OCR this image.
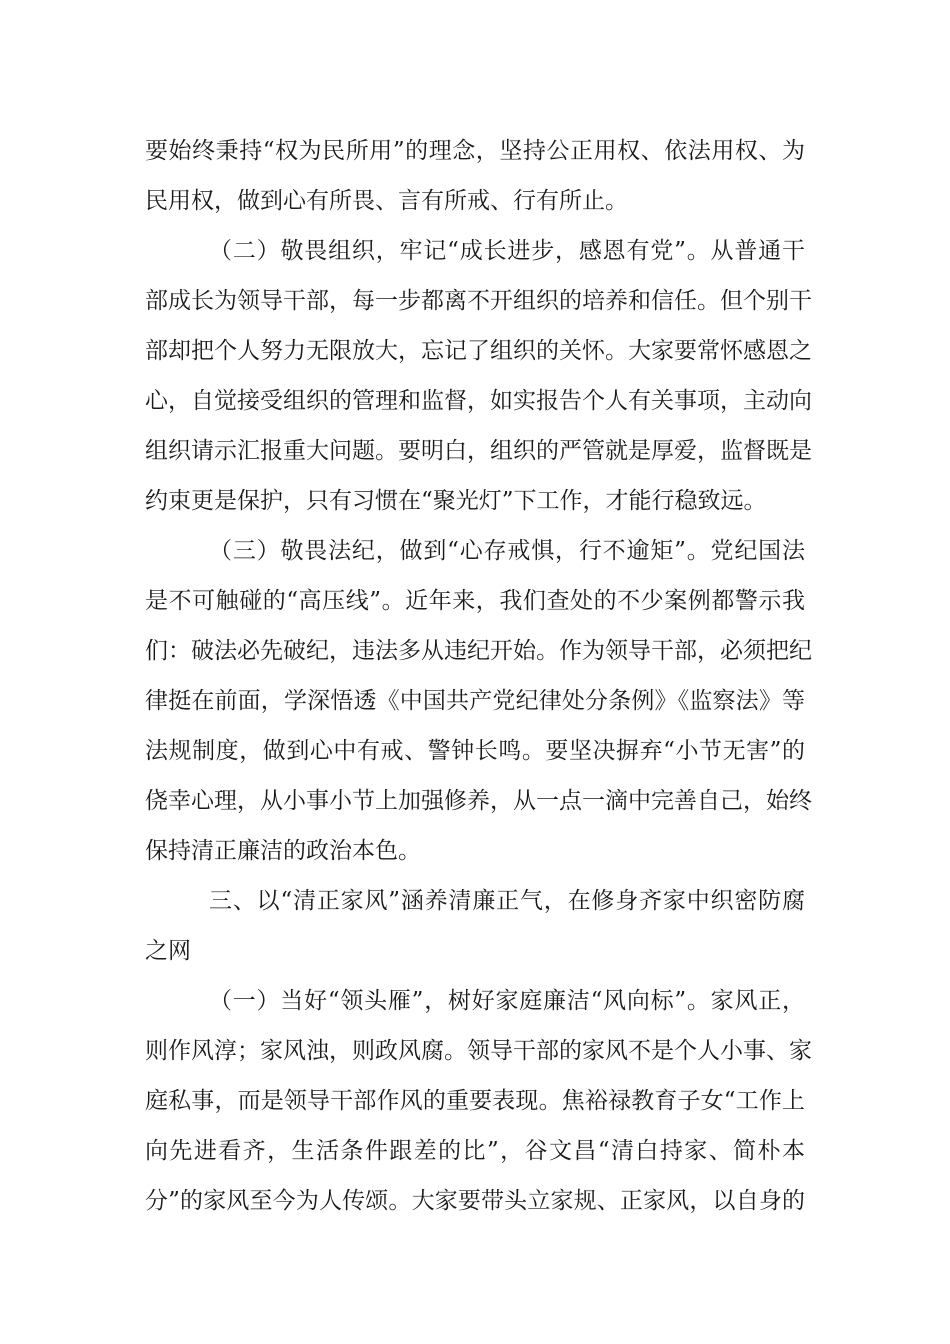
要始终秉持“权为民所用”的理念，坚持公正用权、依法用权、为
民用权，做到心有所畏、言有所戒、行有所止。
（二）敬畏组织，牢记“成长进步，感恩有党”。从普通干
部成长为领导干部，每一步都离不开组织的培养和信任。但个别干
部却把个人努力无限放大，忘记了组织的关怀。大家要常怀感恩之
心，自觉接受组织的管理和监督，如实报告个人有关事项，主动向
组织请示汇报重大问题。要明白，组织的严管就是厚爱，监督既是
约束更是保护，只有习惯在“聚光灯”下工作，才能行稳致远。
（三）敬畏法纪，做到“心存戒惧，行不逾矩”。党纪国法
是不可触碰的“高压线”。近年来，我们查处的不少案例都警示我
们：破法必先破纪，违法多从违纪开始。作为领导干部，必须把纪
律挺在前面，学深悟透《中国共产党纪律处分条例》《监察法》等
法规制度，做到心中有戒、警钟长鸣。要坚决摒弃“小节无害”的
侥幸心理，从小事小节上加强修养，从一点一滴中完善自己，始终
保持清正廉洁的政治本色。
三、以“清正家风”涵养清廉正气，在修身齐家中织密防腐
之网
（一）当好“领头雁”，树好家庭廉洁“风向标”。家风正，
则作风淳；家风浊，则政风腐。领导干部的家风不是个人小事、家
庭私事，而是领导干部作风的重要表现。焦裕禄教育子女“工作上
向先进看齐，生活条件跟差的比”，谷文昌“清白持家、简朴本
分”的家风至今为人传颂。大家要带头立家规、正家风，以自身的
